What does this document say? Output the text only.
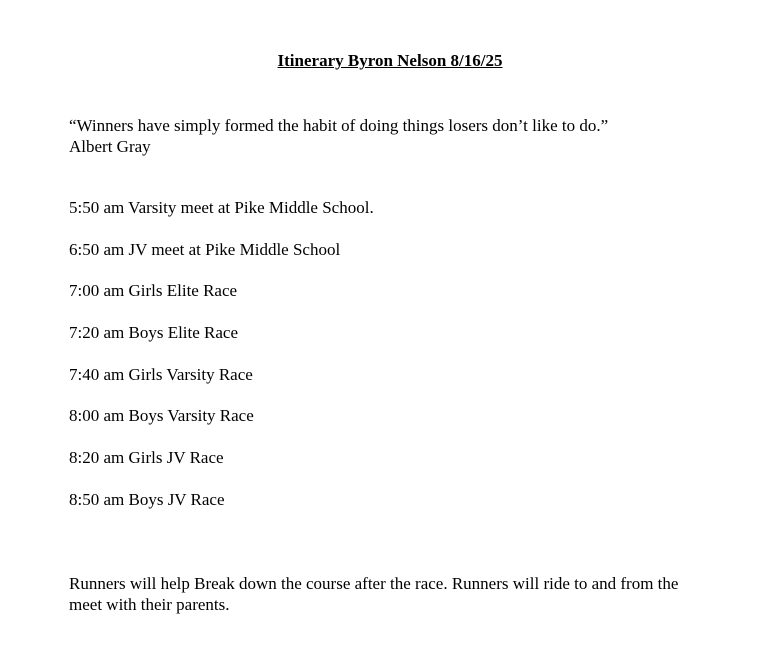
Itinerary Byron Nelson 8/16/25
“Winners have simply formed the habit of doing things losers don’t like to do.”
Albert Gray
5:50 am Varsity meet at Pike Middle School.
6:50 am JV meet at Pike Middle School
7:00 am Girls Elite Race
7:20 am Boys Elite Race
7:40 am Girls Varsity Race
8:00 am Boys Varsity Race
8:20 am Girls JV Race
8:50 am Boys JV Race
Runners will help Break down the course after the race. Runners will ride to and from the meet with their parents.
